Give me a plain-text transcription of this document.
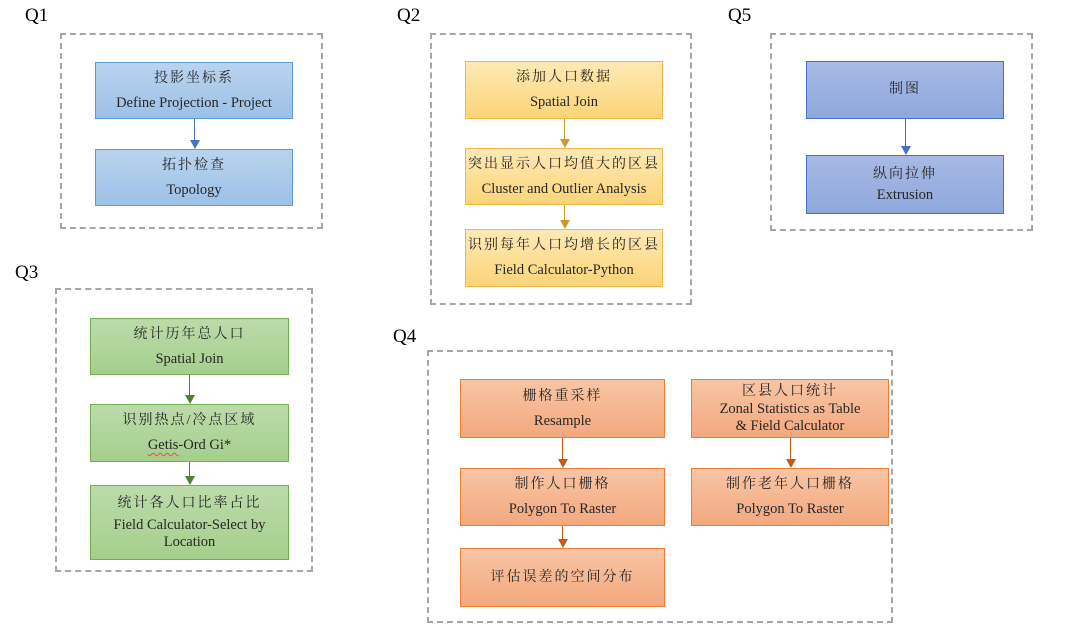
Q1
投影坐标系
Define Projection - Project
拓扑检查
Topology
Q2
添加人口数据
Spatial Join
突出显示人口均值大的区县
Cluster and Outlier Analysis
识别每年人口均增长的区县
Field Calculator-Python
Q5
制图
纵向拉伸
Extrusion
Q3
统计历年总人口
Spatial Join
识别热点/冷点区域
Getis-Ord Gi*
统计各人口比率占比
Field Calculator-Select by
Location
Q4
栅格重采样
Resample
制作人口栅格
Polygon To Raster
评估误差的空间分布
区县人口统计
Zonal Statistics as Table
& Field Calculator
制作老年人口栅格
Polygon To Raster
